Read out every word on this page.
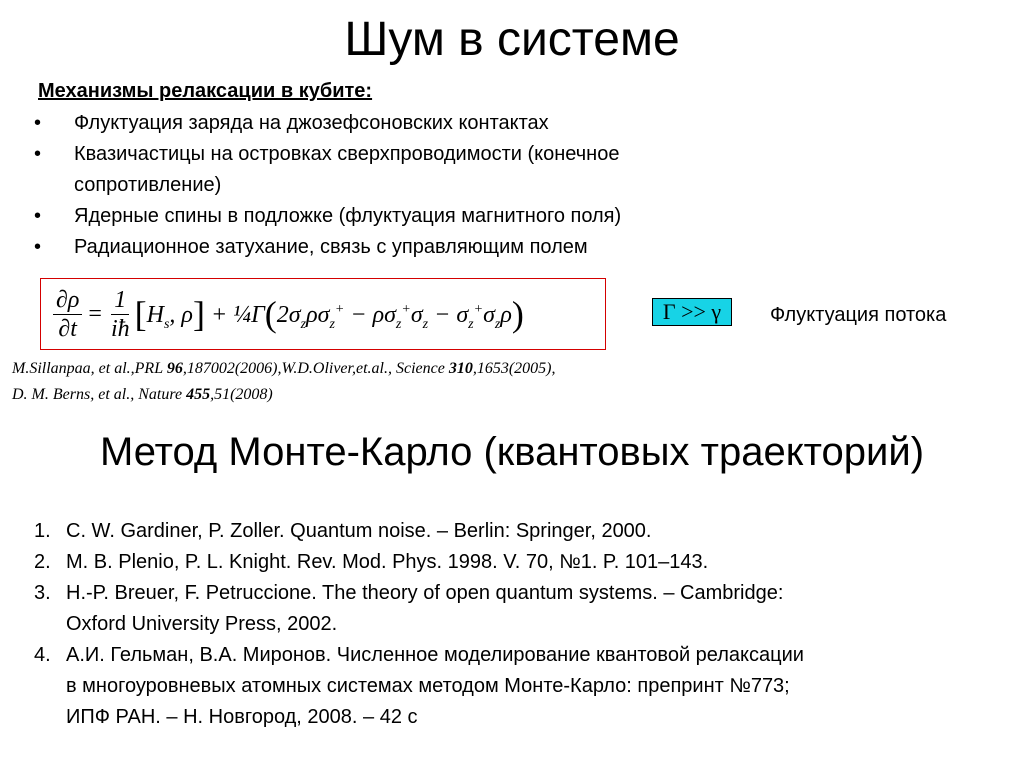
Шум в системе
Механизмы релаксации в кубите:
• Флуктуация заряда на джозефсоновских контактах
• Квазичастицы на островках сверхпроводимости (конечное
сопротивление)
• Ядерные спины в подложке (флуктуация магнитного поля)
• Радиационное затухание, связь с управляющим полем
$\frac{\partial\rho}{\partial t} = \frac{1}{iħ} [H_s$, $\rho] + \frac{1}{4}\Gamma(2\sigma_z\rho\sigma_z^+ - \rho\sigma_z^+\sigma_z - \sigma_z^+\sigma_z\rho)$	Γ >> γ	Флуктуация потока
M.Sillanpaa, et al.,PRL 96,187002(2006),W.D.Oliver,et.al., Science 310,1653(2005),
D. M. Berns, et al., Nature 455,51(2008)
Метод Монте-Карло (квантовых траекторий)
1. C. W. Gardiner, P. Zoller. Quantum noise. – Berlin: Springer, 2000.
2. M. B. Plenio, P. L. Knight. Rev. Mod. Phys. 1998. V. 70, №1. P. 101–143.
3. H.-P. Breuer, F. Petruccione. The theory of open quantum systems. – Cambridge:
Oxford University Press, 2002.
4. А.И. Гельман, В.А. Миронов. Численное моделирование квантовой релаксации
в многоуровневых атомных системах методом Монте-Карло: препринт №773;
ИПФ РАН. – Н. Новгород, 2008. – 42 с
